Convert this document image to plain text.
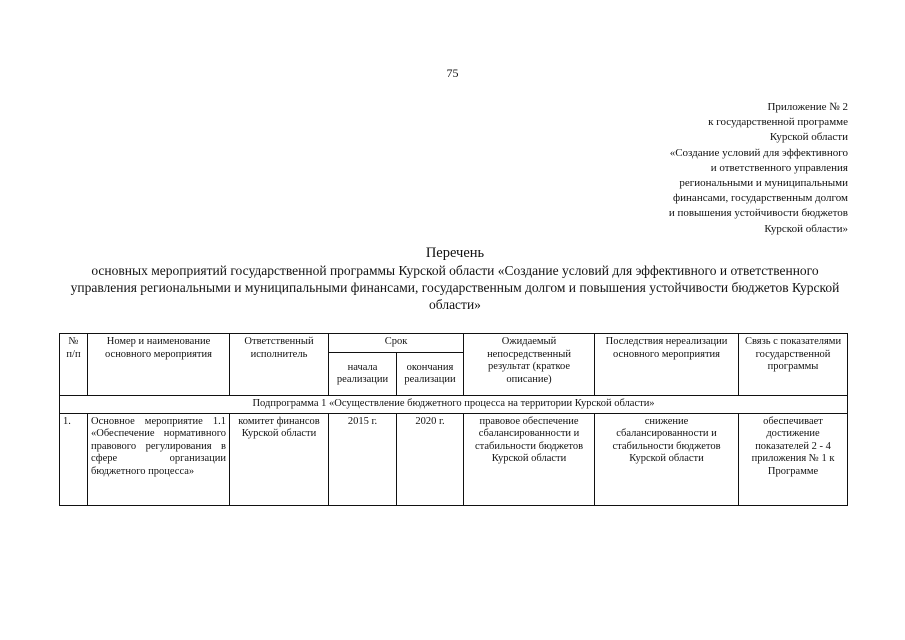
75
Приложение № 2
к государственной программе
Курской области
«Создание условий для эффективного
и ответственного управления
региональными и муниципальными
финансами, государственным долгом
и повышения устойчивости бюджетов
Курской области»
Перечень
основных мероприятий государственной программы Курской области «Создание условий для эффективного и ответственного управления региональными и муниципальными финансами, государственным долгом и повышения устойчивости бюджетов Курской области»
№ п/п	Номер и наименование основного мероприятия	Ответственный исполнитель	Срок		Ожидаемый непосредственный результат (краткое описание)	Последствия нереализации основного мероприятия	Связь с показателями государственной программы
			начала реализации	окончания реализации			
Подпрограмма 1 «Осуществление бюджетного процесса на территории Курской области»							
1.	Основное мероприятие 1.1 «Обеспечение нормативного правового регулирования в сфере организации бюджетного процесса»	комитет финансов Курской области	2015 г.	2020 г.	правовое обеспечение сбалансированности и стабильности бюджетов Курской области	снижение сбалансированности и стабильности бюджетов Курской области	обеспечивает достижение показателей 2 - 4 приложения № 1 к Программе
